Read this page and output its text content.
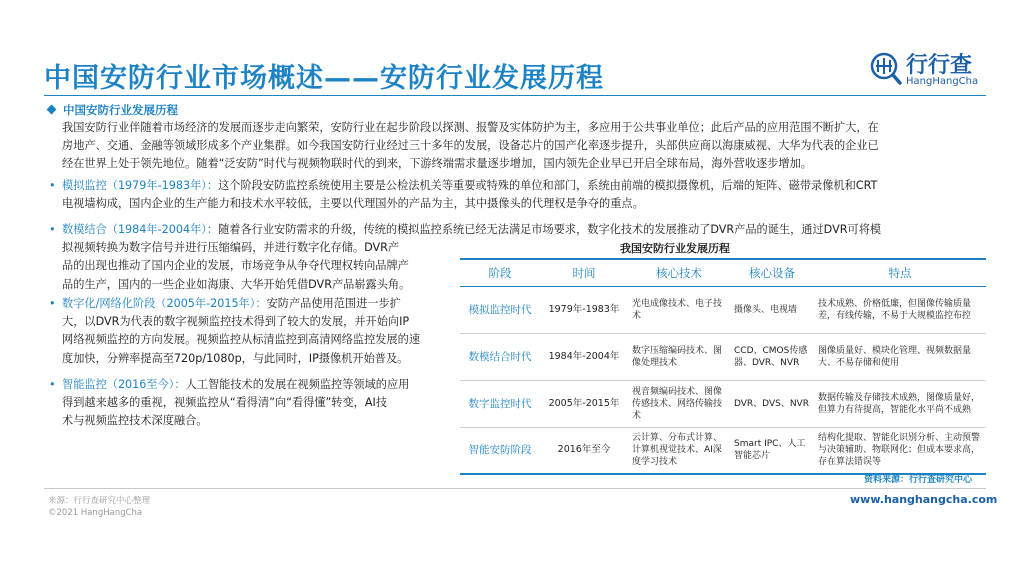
中国安防行业市场概述——安防行业发展历程	行行查
HangHangCha
中国安防行业发展历程
我国安防行业伴随着市场经济的发展而逐步走向繁荣，安防行业在起步阶段以探测、报警及实体防护为主，多应用于公共事业单位；此后产品的应用范围不断扩大，在
房地产、交通、金融等领域形成多个产业集群。如今我国安防行业经过三十多年的发展，设备芯片的国产化率逐步提升，头部供应商以海康威视、大华为代表的企业已
经在世界上处于领先地位。随着“泛安防”时代与视频物联时代的到来，下游终端需求量逐步增加，国内领先企业早已开启全球布局，海外营收逐步增加。
• 模拟监控（1979年-1983年）：这个阶段安防监控系统使用主要是公检法机关等重要或特殊的单位和部门，系统由前端的模拟摄像机，后端的矩阵、磁带录像机和CRT
电视墙构成，国内企业的生产能力和技术水平较低，主要以代理国外的产品为主，其中摄像头的代理权是争夺的重点。
• 数模结合（1984年-2004年）：随着各行业安防需求的升级，传统的模拟监控系统已经无法满足市场要求，数字化技术的发展推动了DVR产品的诞生，通过DVR可将模
拟视频转换为数字信号并进行压缩编码，并进行数字化存储。DVR产
品的出现也推动了国内企业的发展，市场竞争从争夺代理权转向品牌产
品的生产，国内的一些企业如海康、大华开始凭借DVR产品崭露头角。
• 数字化/网络化阶段（2005年-2015年）：安防产品使用范围进一步扩
大，以DVR为代表的数字视频监控技术得到了较大的发展，并开始向IP
网络视频监控的方向发展。视频监控从标清监控到高清网络监控发展的速
度加快，分辨率提高至720p/1080p，与此同时，IP摄像机开始普及。
• 智能监控（2016至今）：人工智能技术的发展在视频监控等领域的应用
得到越来越多的重视，视频监控从“看得清”向“看得懂”转变，AI技
术与视频监控技术深度融合。
我国安防行业发展历程
阶段	时间	核心技术	核心设备	特点
模拟监控时代	1979年-1983年	光电成像技术、电子技术	摄像头、电视墙	技术成熟、价格低廉，但图像传输质量差，有线传输，不易于大规模监控布控
数模结合时代	1984年-2004年	数字压缩编码技术、图像处理技术	CCD、CMOS传感器、DVR、NVR	图像质量好、模块化管理、视频数据量大、不易存储和使用
数字监控时代	2005年-2015年	视音频编码技术、图像传感技术、网络传输技术	DVR、DVS、NVR	数据传输及存储技术成熟，图像质量好，但算力有待提高，智能化水平尚不成熟
智能安防阶段	2016年至今	云计算、分布式计算、计算机视觉技术、AI深度学习技术	Smart IPC、人工智能芯片	结构化提取、智能化识别分析、主动预警与决策辅助、物联网化；但成本要求高，存在算法错误等
资料来源：行行查研究中心
来源：行行查研究中心整理
©2021 HangHangCha
www.hanghangcha.com
